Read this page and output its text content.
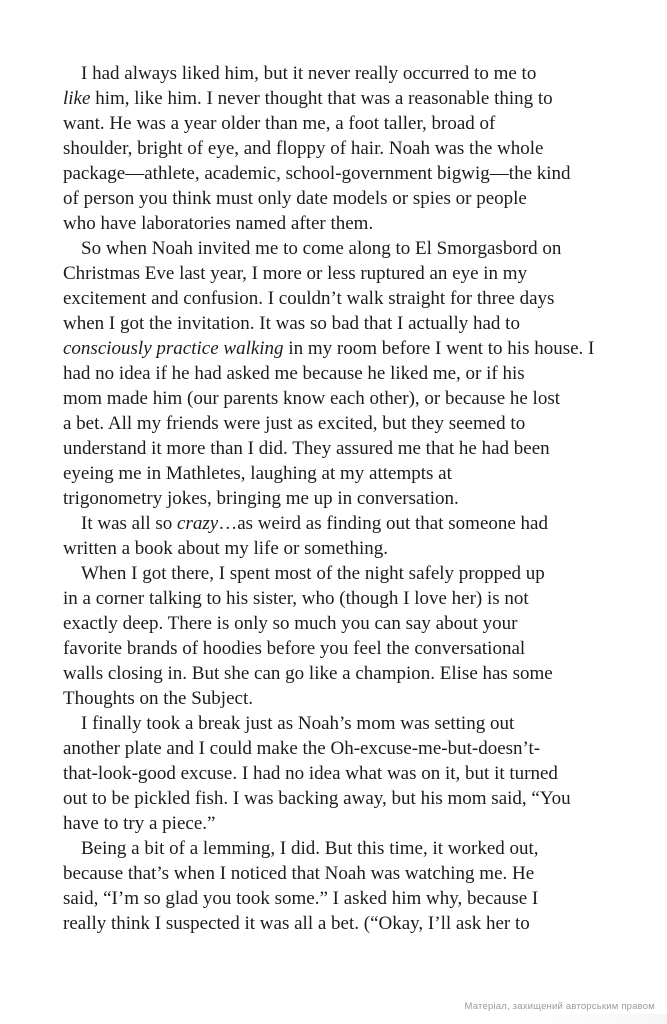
I had always liked him, but it never really occurred to me to
like him, like him. I never thought that was a reasonable thing to
want. He was a year older than me, a foot taller, broad of
shoulder, bright of eye, and floppy of hair. Noah was the whole
package—athlete, academic, school-government bigwig—the kind
of person you think must only date models or spies or people
who have laboratories named after them.
So when Noah invited me to come along to El Smorgasbord on
Christmas Eve last year, I more or less ruptured an eye in my
excitement and confusion. I couldn’t walk straight for three days
when I got the invitation. It was so bad that I actually had to
consciously practice walking in my room before I went to his house. I
had no idea if he had asked me because he liked me, or if his
mom made him (our parents know each other), or because he lost
a bet. All my friends were just as excited, but they seemed to
understand it more than I did. They assured me that he had been
eyeing me in Mathletes, laughing at my attempts at
trigonometry jokes, bringing me up in conversation.
It was all so crazy…as weird as finding out that someone had
written a book about my life or something.
When I got there, I spent most of the night safely propped up
in a corner talking to his sister, who (though I love her) is not
exactly deep. There is only so much you can say about your
favorite brands of hoodies before you feel the conversational
walls closing in. But she can go like a champion. Elise has some
Thoughts on the Subject.
I finally took a break just as Noah’s mom was setting out
another plate and I could make the Oh-excuse-me-but-doesn’t-
that-look-good excuse. I had no idea what was on it, but it turned
out to be pickled fish. I was backing away, but his mom said, “You
have to try a piece.”
Being a bit of a lemming, I did. But this time, it worked out,
because that’s when I noticed that Noah was watching me. He
said, “I’m so glad you took some.” I asked him why, because I
really think I suspected it was all a bet. (“Okay, I’ll ask her to
Матеріал, захищений авторським правом
